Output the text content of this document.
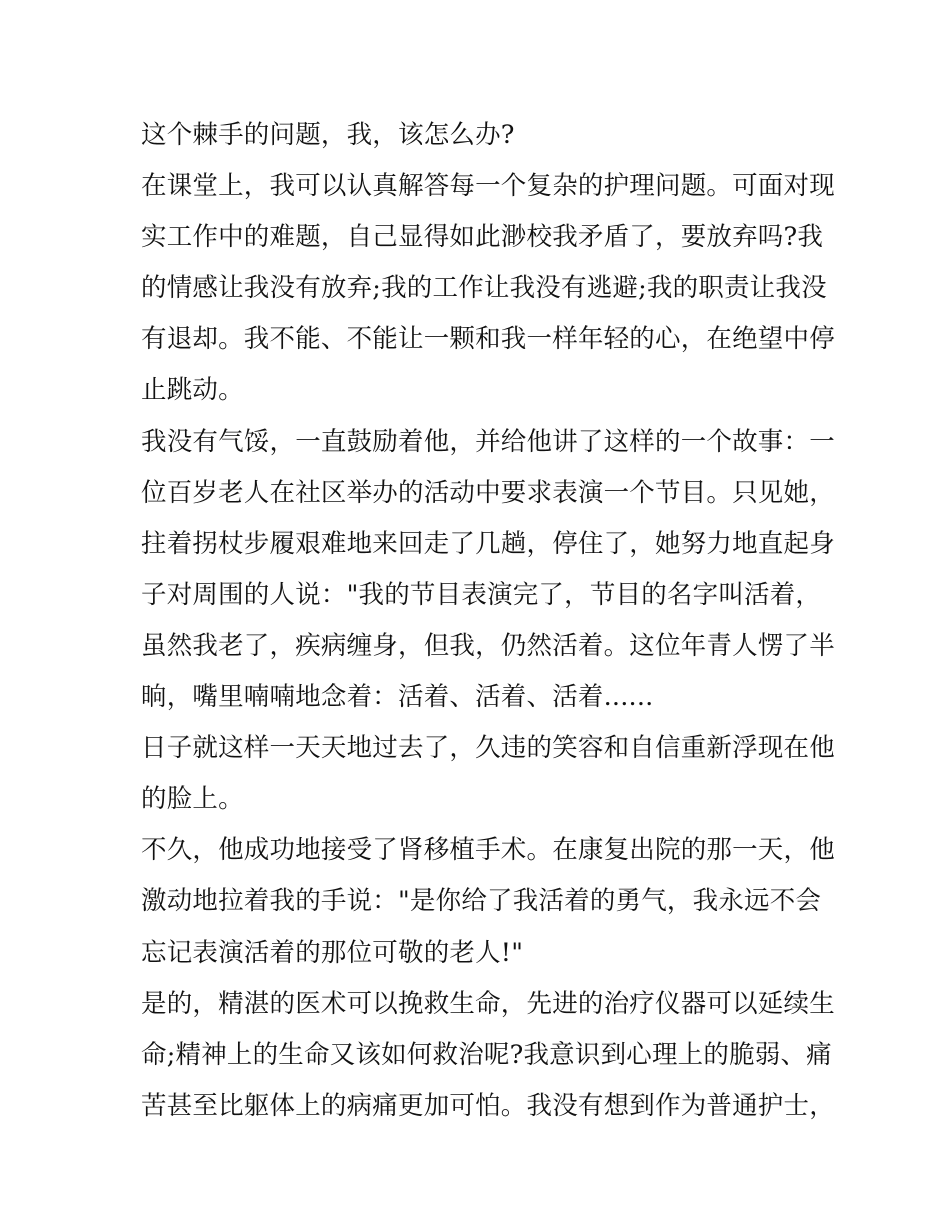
这个棘手的问题，我，该怎么办?
在课堂上，我可以认真解答每一个复杂的护理问题。可面对现
实工作中的难题，自己显得如此渺校我矛盾了，要放弃吗?我
的情感让我没有放弃;我的工作让我没有逃避;我的职责让我没
有退却。我不能、不能让一颗和我一样年轻的心，在绝望中停
止跳动。
我没有气馁，一直鼓励着他，并给他讲了这样的一个故事：一
位百岁老人在社区举办的活动中要求表演一个节目。只见她，
拄着拐杖步履艰难地来回走了几趟，停住了，她努力地直起身
子对周围的人说："我的节目表演完了，节目的名字叫活着，
虽然我老了，疾病缠身，但我，仍然活着。这位年青人愣了半
晌，嘴里喃喃地念着：活着、活着、活着......
日子就这样一天天地过去了，久违的笑容和自信重新浮现在他
的脸上。
不久，他成功地接受了肾移植手术。在康复出院的那一天，他
激动地拉着我的手说："是你给了我活着的勇气，我永远不会
忘记表演活着的那位可敬的老人!"
是的，精湛的医术可以挽救生命，先进的治疗仪器可以延续生
命;精神上的生命又该如何救治呢?我意识到心理上的脆弱、痛
苦甚至比躯体上的病痛更加可怕。我没有想到作为普通护士，
